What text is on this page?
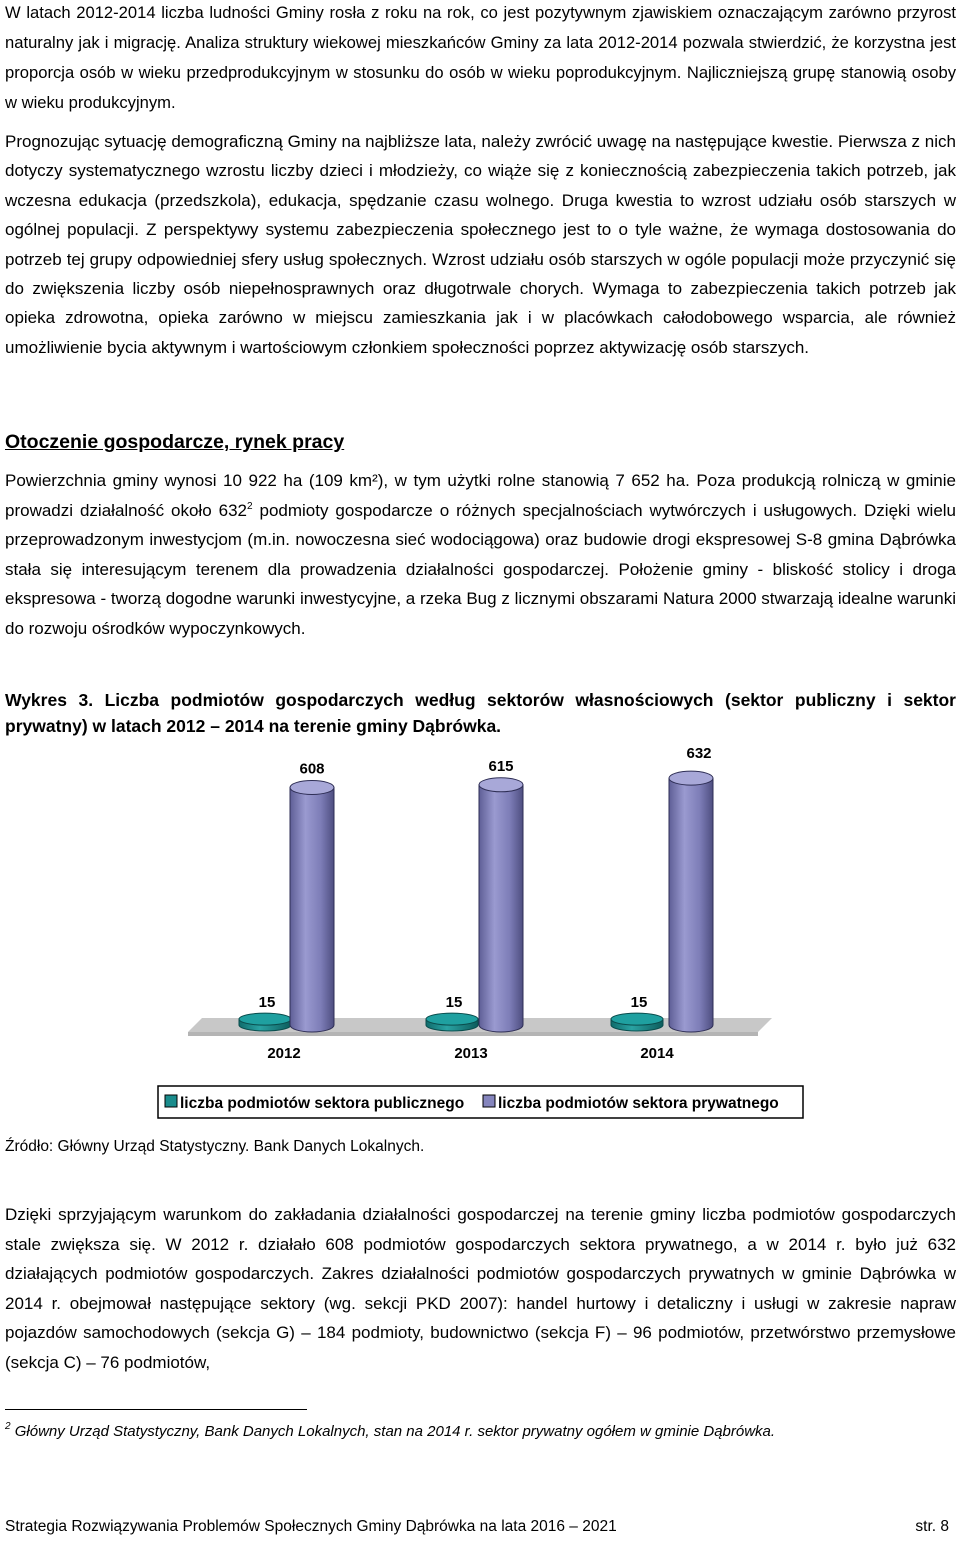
W latach 2012-2014 liczba ludności Gminy rosła z roku na rok, co jest pozytywnym zjawiskiem oznaczającym zarówno przyrost naturalny jak i migrację. Analiza struktury wiekowej mieszkańców Gminy za lata 2012-2014 pozwala stwierdzić, że korzystna jest proporcja osób w wieku przedprodukcyjnym w stosunku do osób w wieku poprodukcyjnym. Najliczniejszą grupę stanowią osoby w wieku produkcyjnym.

Prognozując sytuację demograficzną Gminy na najbliższe lata, należy zwrócić uwagę na następujące kwestie. Pierwsza z nich dotyczy systematycznego wzrostu liczby dzieci i młodzieży, co wiąże się z koniecznością zabezpieczenia takich potrzeb, jak wczesna edukacja (przedszkola), edukacja, spędzanie czasu wolnego. Druga kwestia to wzrost udziału osób starszych w ogólnej populacji. Z perspektywy systemu zabezpieczenia społecznego jest to o tyle ważne, że wymaga dostosowania do potrzeb tej grupy odpowiedniej sfery usług społecznych. Wzrost udziału osób starszych w ogóle populacji może przyczynić się do zwiększenia liczby osób niepełnosprawnych oraz długotrwale chorych. Wymaga to zabezpieczenia takich potrzeb jak opieka zdrowotna, opieka zarówno w miejscu zamieszkania jak i w placówkach całodobowego wsparcia, ale również umożliwienie bycia aktywnym i wartościowym członkiem społeczności poprzez aktywizację osób starszych.

Otoczenie gospodarcze, rynek pracy

Powierzchnia gminy wynosi 10 922 ha (109 km²), w tym użytki rolne stanowią 7 652 ha. Poza produkcją rolniczą w gminie prowadzi działalność około $632^2$ podmioty gospodarcze o różnych specjalnościach wytwórczych i usługowych. Dzięki wielu przeprowadzonym inwestycjom (m.in. nowoczesna sieć wodociągowa) oraz budowie drogi ekspresowej S-8 gmina Dąbrówka stała się interesującym terenem dla prowadzenia działalności gospodarczej. Położenie gminy - bliskość stolicy i droga ekspresowa - tworzą dogodne warunki inwestycyjne, a rzeka Bug z licznymi obszarami Natura 2000 stwarzają idealne warunki do rozwoju ośrodków wypoczynkowych.

Wykres 3. Liczba podmiotów gospodarczych według sektorów własnościowych (sektor publiczny i sektor prywatny) w latach 2012 – 2014 na terenie gminy Dąbrówka.

15
608
15
615
15
632
2012	2013	2014
liczba podmiotów sektora publicznego liczba podmiotów sektora prywatnego

Źródło: Główny Urząd Statystyczny. Bank Danych Lokalnych.

Dzięki sprzyjającym warunkom do zakładania działalności gospodarczej na terenie gminy liczba podmiotów gospodarczych stale zwiększa się. W 2012 r. działało 608 podmiotów gospodarczych sektora prywatnego, a w 2014 r. było już 632 działających podmiotów gospodarczych. Zakres działalności podmiotów gospodarczych prywatnych w gminie Dąbrówka w 2014 r. obejmował następujące sektory (wg. sekcji PKD 2007): handel hurtowy i detaliczny i usługi w zakresie napraw pojazdów samochodowych (sekcja G) – 184 podmioty, budownictwo (sekcja F) – 96 podmiotów, przetwórstwo przemysłowe (sekcja C) – 76 podmiotów,

$^2$ Główny Urząd Statystyczny, Bank Danych Lokalnych, stan na 2014 r. sektor prywatny ogółem w gminie Dąbrówka.

Strategia Rozwiązywania Problemów Społecznych Gminy Dąbrówka na lata 2016 – 2021	str. 8
